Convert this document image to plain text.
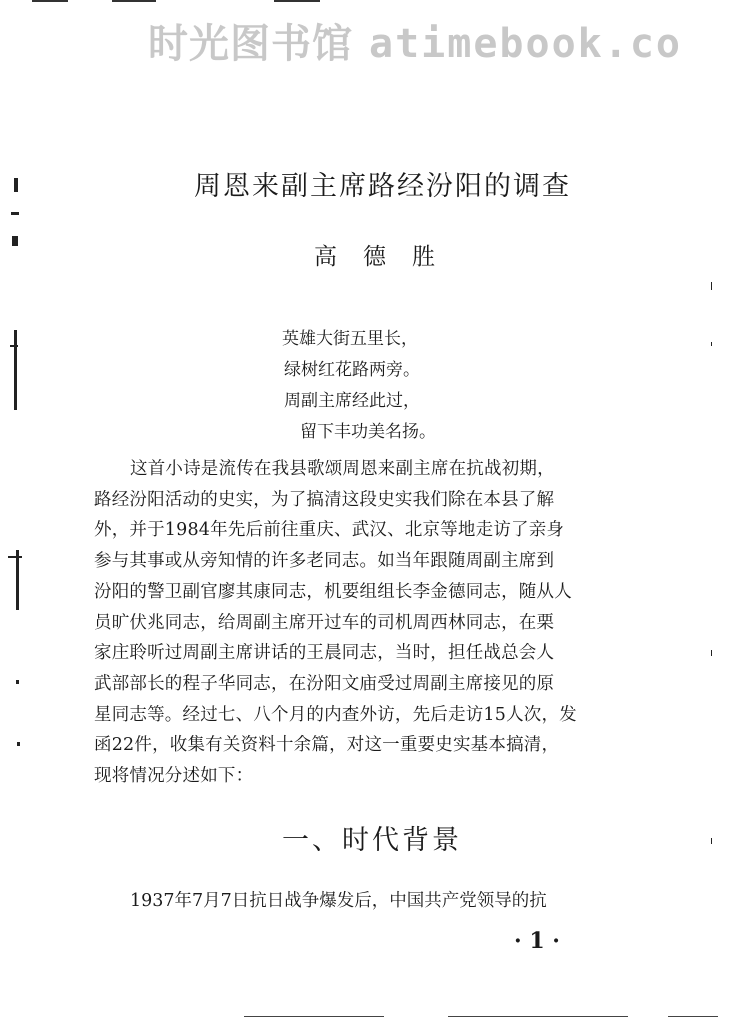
时光图书馆 atimebook.co
周恩来副主席路经汾阳的调查
高德胜
英雄大街五里长，
绿树红花路两旁。
周副主席经此过，
留下丰功美名扬。
这首小诗是流传在我县歌颂周恩来副主席在抗战初期，
路经汾阳活动的史实，为了搞清这段史实我们除在本县了解
外，并于1984年先后前往重庆、武汉、北京等地走访了亲身
参与其事或从旁知情的许多老同志。如当年跟随周副主席到
汾阳的警卫副官廖其康同志，机要组组长李金德同志，随从人
员旷伏兆同志，给周副主席开过车的司机周西林同志，在栗
家庄聆听过周副主席讲话的王晨同志，当时，担任战总会人
武部部长的程子华同志，在汾阳文庙受过周副主席接见的原
星同志等。经过七、八个月的内查外访，先后走访15人次，发
函22件，收集有关资料十余篇，对这一重要史实基本搞清，
现将情况分述如下：
一、时代背景
1937年7月7日抗日战争爆发后，中国共产党领导的抗
· 1 ·
